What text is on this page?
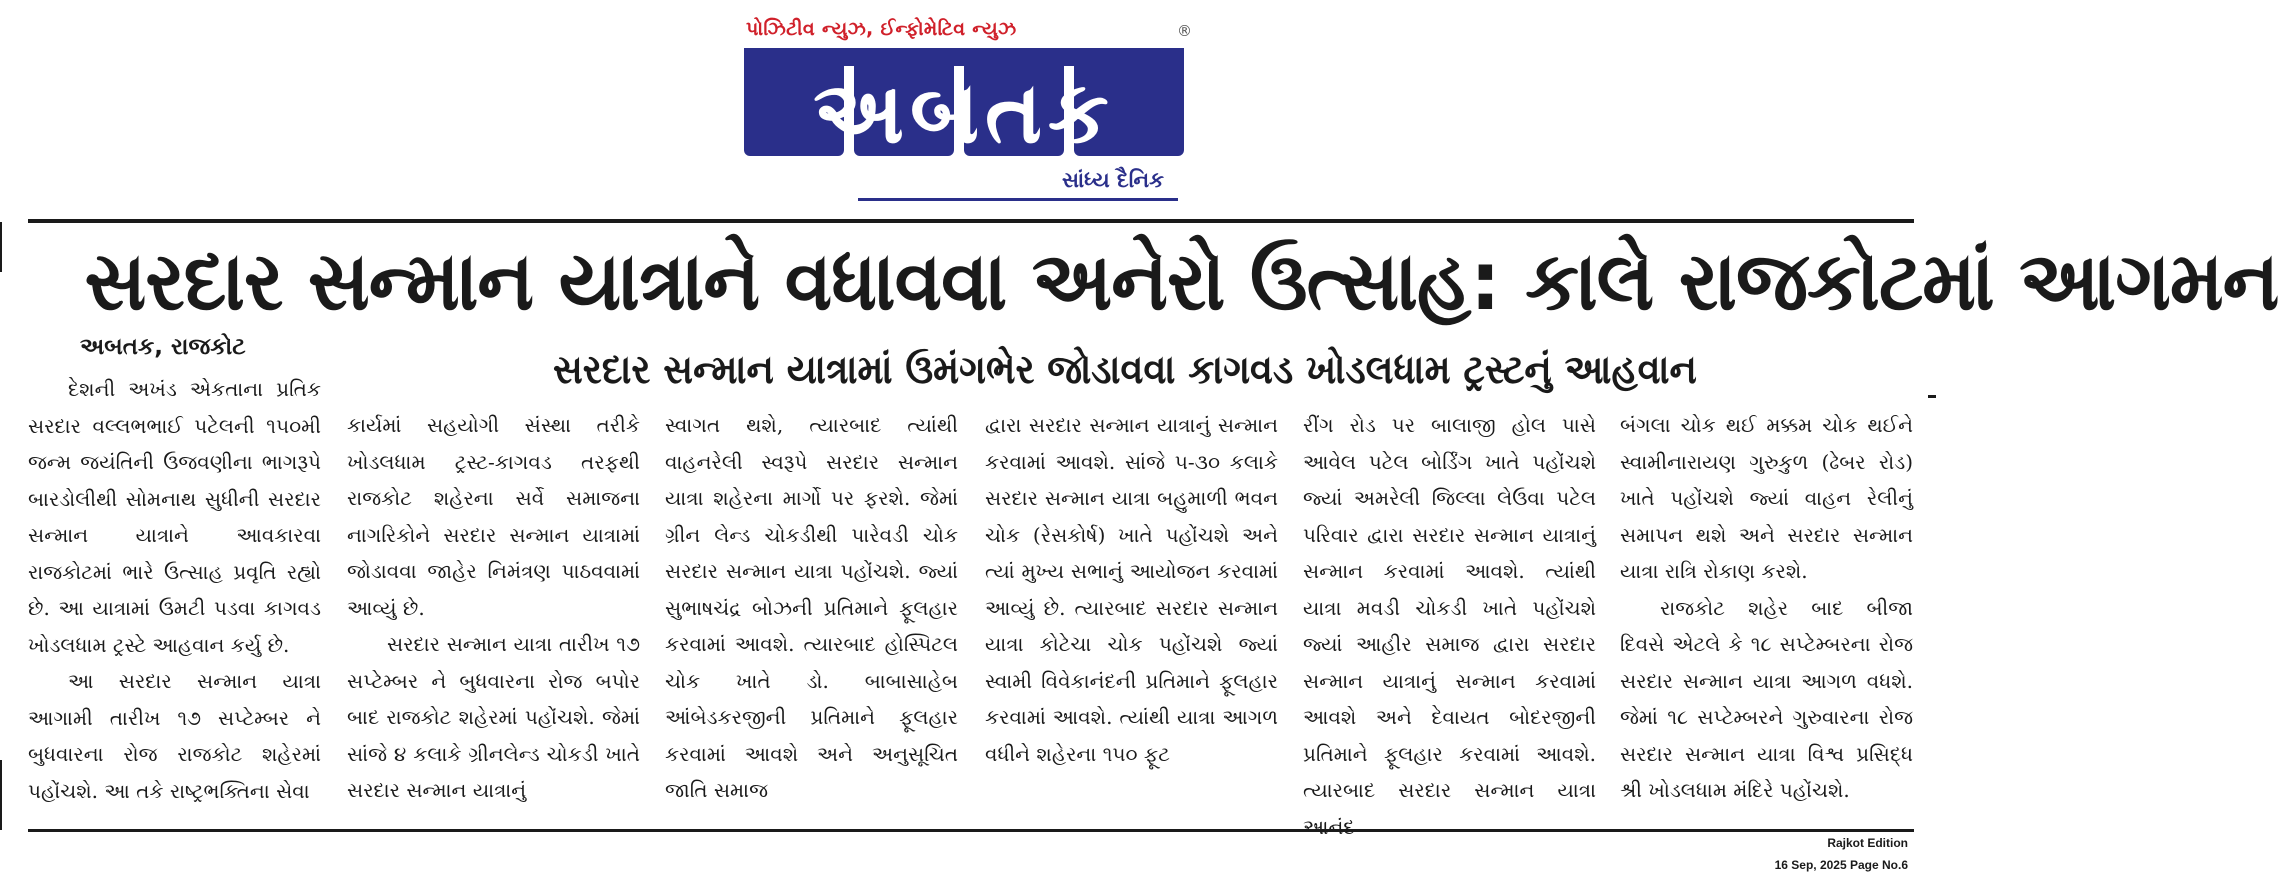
પોઝિટીવ ન્યુઝ, ઈન્ફોમેટિવ ન્યુઝ	®
અબતક
સાંધ્ય દૈનિક
સરદાર સન્માન યાત્રાને વધાવવા અનેરો ઉત્સાહ: કાલે રાજકોટમાં આગમન
અબતક, રાજકોટ	સરદાર સન્માન યાત્રામાં ઉમંગભેર જોડાવવા કાગવડ ખોડલધામ ટ્રસ્ટનું આહવાન

દેશની અખંડ એકતાના પ્રતિક સરદાર વલ્લભભાઈ પટેલની ૧૫૦મી જન્મ જયંતિની ઉજવણીના ભાગરૂપે બારડોલીથી સોમનાથ સુધીની સરદાર સન્માન યાત્રાને આવકારવા રાજકોટમાં ભારે ઉત્સાહ પ્રવૃતિ રહ્યો છે. આ યાત્રામાં ઉમટી પડવા કાગવડ ખોડલધામ ટ્રસ્ટે આહવાન કર્યુ છે.

આ સરદાર સન્માન યાત્રા આગામી તારીખ ૧૭ સપ્ટેમ્બર ને બુધવારના રોજ રાજકોટ શહેરમાં પહોંચશે. આ તકે રાષ્ટ્રભક્તિના સેવા

કાર્યમાં સહયોગી સંસ્થા તરીકે ખોડલધામ ટ્રસ્ટ-કાગવડ તરફથી રાજકોટ શહેરના સર્વે સમાજના નાગરિકોને સરદાર સન્માન યાત્રામાં જોડાવવા જાહેર નિમંત્રણ પાઠવવામાં આવ્યું છે.

સરદાર સન્માન યાત્રા તારીખ ૧૭ સપ્ટેમ્બર ને બુધવારના રોજ બપોર બાદ રાજકોટ શહેરમાં પહોંચશે. જેમાં સાંજે ૪ કલાકે ગ્રીનલેન્ડ ચોકડી ખાતે સરદાર સન્માન યાત્રાનું

સ્વાગત થશે, ત્યારબાદ ત્યાંથી વાહનરેલી સ્વરૂપે સરદાર સન્માન યાત્રા શહેરના માર્ગો પર ફરશે. જેમાં ગ્રીન લેન્ડ ચોકડીથી પારેવડી ચોક સરદાર સન્માન યાત્રા પહોંચશે. જ્યાં સુભાષચંદ્ર બોઝની પ્રતિમાને ફૂલહાર કરવામાં આવશે. ત્યારબાદ હોસ્પિટલ ચોક ખાતે ડો. બાબાસાહેબ આંબેડકરજીની પ્રતિમાને ફૂલહાર કરવામાં આવશે અને અનુસૂચિત જાતિ સમાજ

દ્વારા સરદાર સન્માન યાત્રાનું સન્માન કરવામાં આવશે. સાંજે ૫-૩૦ કલાકે સરદાર સન્માન યાત્રા બહુમાળી ભવન ચોક (રેસકોર્ષ) ખાતે પહોંચશે અને ત્યાં મુખ્ય સભાનું આયોજન કરવામાં આવ્યું છે. ત્યારબાદ સરદાર સન્માન યાત્રા કોટેચા ચોક પહોંચશે જ્યાં સ્વામી વિવેકાનંદની પ્રતિમાને ફૂલહાર કરવામાં આવશે. ત્યાંથી યાત્રા આગળ વધીને શહેરના ૧૫૦ ફૂટ

રીંગ રોડ પર બાલાજી હોલ પાસે આવેલ પટેલ બોર્ડિંગ ખાતે પહોંચશે જ્યાં અમરેલી જિલ્લા લેઉવા પટેલ પરિવાર દ્વારા સરદાર સન્માન યાત્રાનું સન્માન કરવામાં આવશે. ત્યાંથી યાત્રા મવડી ચોકડી ખાતે પહોંચશે જ્યાં આહીર સમાજ દ્વારા સરદાર સન્માન યાત્રાનું સન્માન કરવામાં આવશે અને દેવાયત બોદરજીની પ્રતિમાને ફૂલહાર કરવામાં આવશે. ત્યારબાદ સરદાર સન્માન યાત્રા આનંદ

બંગલા ચોક થઈ મક્કમ ચોક થઈને સ્વામીનારાયણ ગુરુકુળ (ઢેબર રોડ) ખાતે પહોંચશે જ્યાં વાહન રેલીનું સમાપન થશે અને સરદાર સન્માન યાત્રા રાત્રિ રોકાણ કરશે.

રાજકોટ શહેર બાદ બીજા દિવસે એટલે કે ૧૮ સપ્ટેમ્બરના રોજ સરદાર સન્માન યાત્રા આગળ વધશે. જેમાં ૧૮ સપ્ટેમ્બરને ગુરુવારના રોજ સરદાર સન્માન યાત્રા વિશ્વ પ્રસિદ્ધ શ્રી ખોડલધામ મંદિરે પહોંચશે.

Rajkot Edition
16 Sep, 2025 Page No.6
